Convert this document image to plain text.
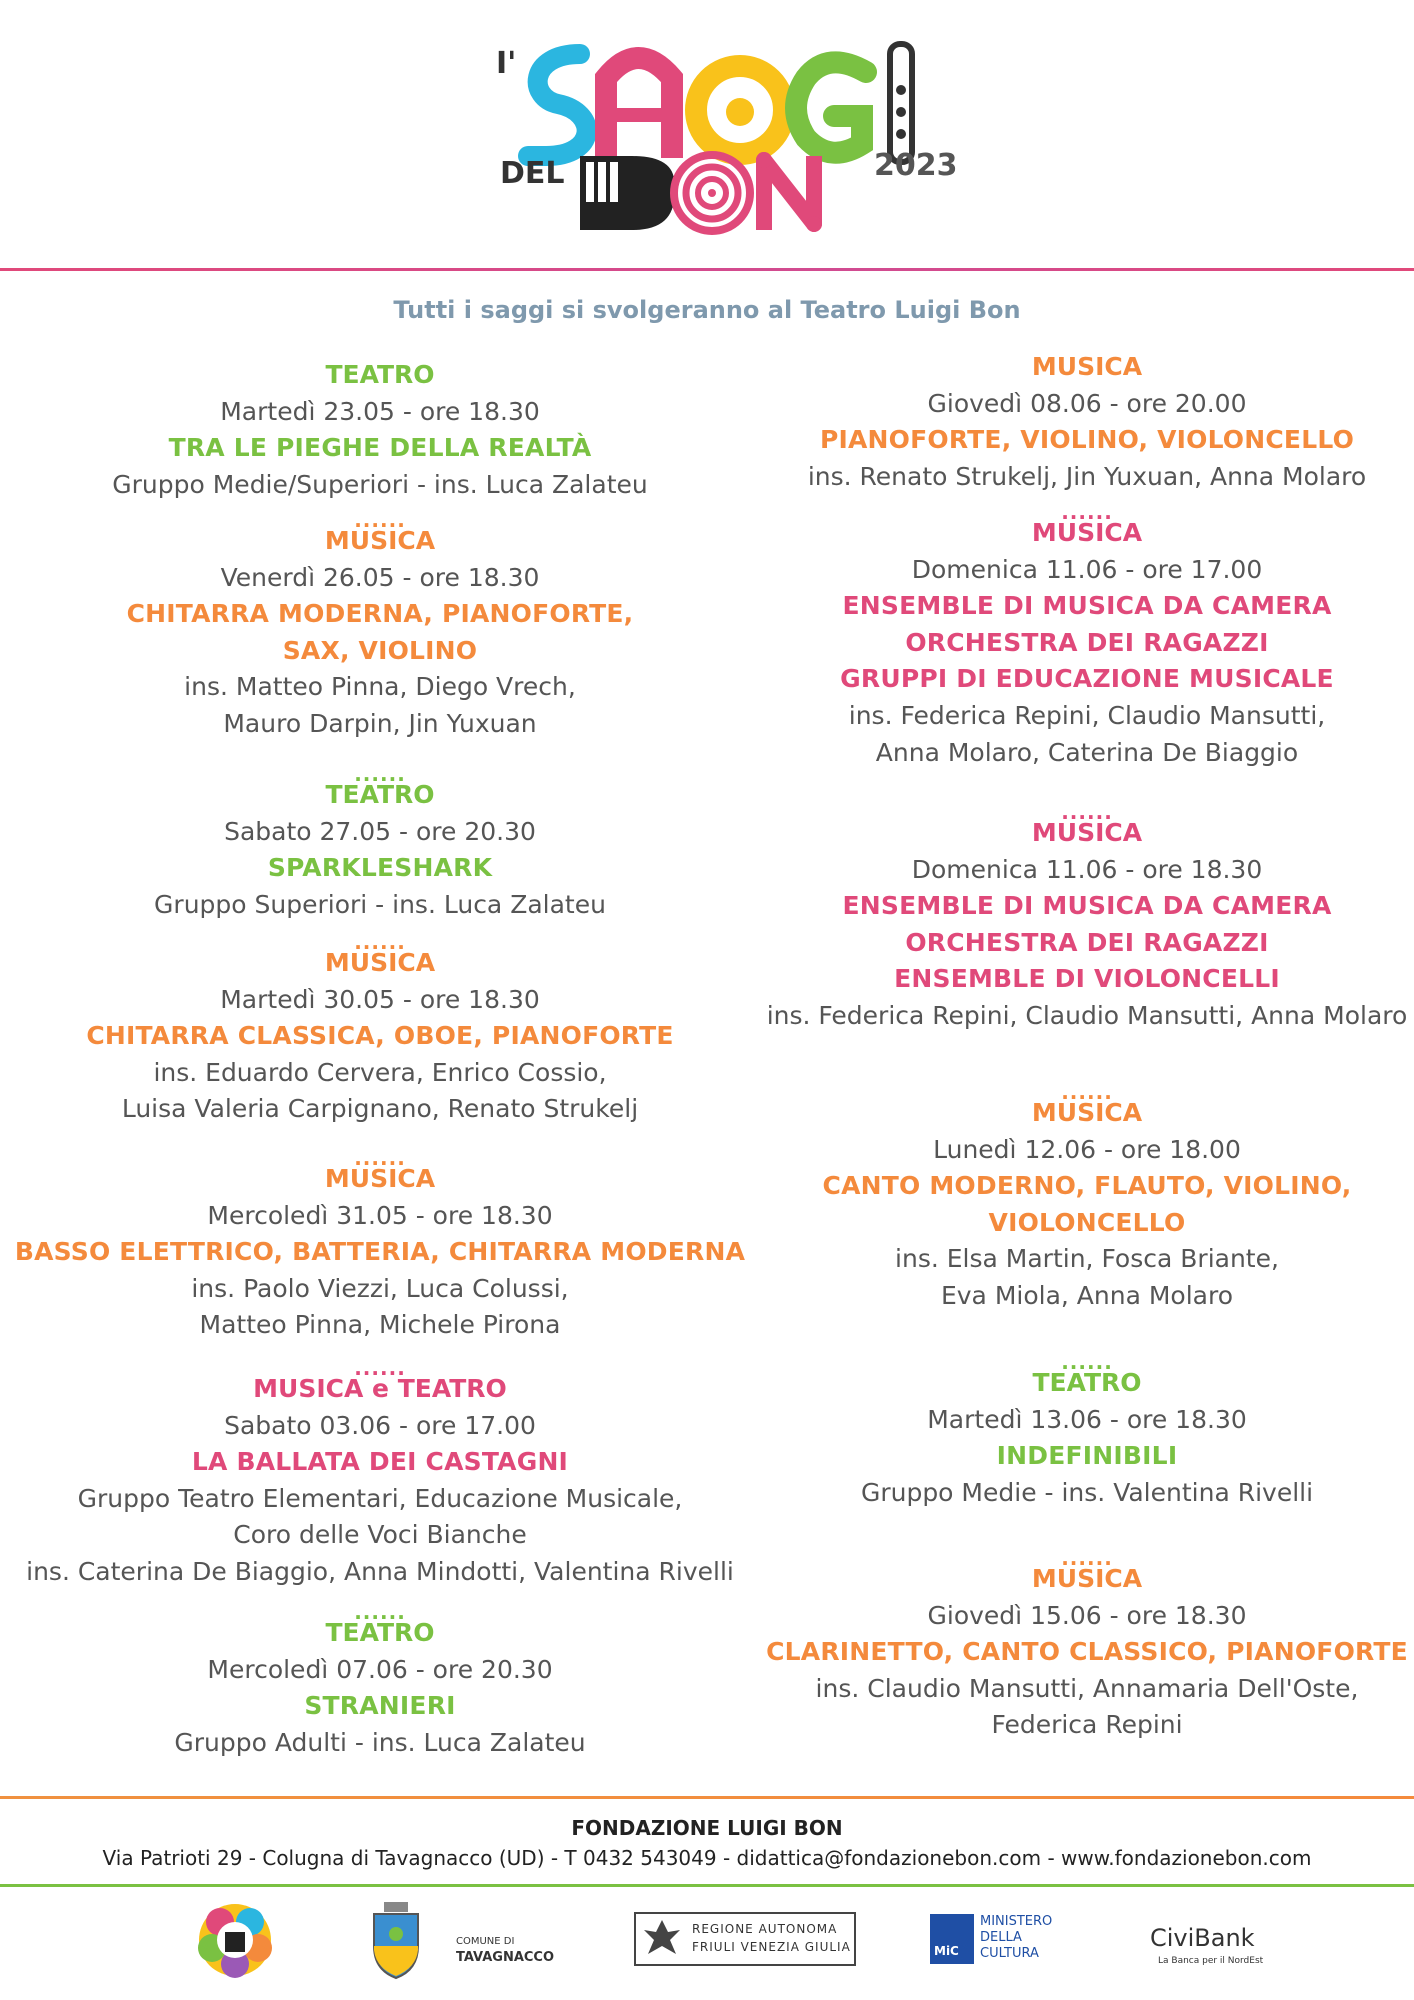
I'
DEL	2023
Tutti i saggi si svolgeranno al Teatro Luigi Bon
TEATRO
Martedì 23.05 - ore 18.30
TRA LE PIEGHE DELLA REALTÀ
Gruppo Medie/Superiori - ins. Luca Zalateu
......
MUSICA
Venerdì 26.05 - ore 18.30
CHITARRA MODERNA, PIANOFORTE,
SAX, VIOLINO
ins. Matteo Pinna, Diego Vrech,
Mauro Darpin, Jin Yuxuan
......
TEATRO
Sabato 27.05 - ore 20.30
SPARKLESHARK
Gruppo Superiori - ins. Luca Zalateu
......
MUSICA
Martedì 30.05 - ore 18.30
CHITARRA CLASSICA, OBOE, PIANOFORTE
ins. Eduardo Cervera, Enrico Cossio,
Luisa Valeria Carpignano, Renato Strukelj
......
MUSICA
Mercoledì 31.05 - ore 18.30
BASSO ELETTRICO, BATTERIA, CHITARRA MODERNA
ins. Paolo Viezzi, Luca Colussi,
Matteo Pinna, Michele Pirona
......
MUSICA e TEATRO
Sabato 03.06 - ore 17.00
LA BALLATA DEI CASTAGNI
Gruppo Teatro Elementari, Educazione Musicale,
Coro delle Voci Bianche
ins. Caterina De Biaggio, Anna Mindotti, Valentina Rivelli
......
TEATRO
Mercoledì 07.06 - ore 20.30
STRANIERI
Gruppo Adulti - ins. Luca Zalateu
MUSICA
Giovedì 08.06 - ore 20.00
PIANOFORTE, VIOLINO, VIOLONCELLO
ins. Renato Strukelj, Jin Yuxuan, Anna Molaro
......
MUSICA
Domenica 11.06 - ore 17.00
ENSEMBLE DI MUSICA DA CAMERA
ORCHESTRA DEI RAGAZZI
GRUPPI DI EDUCAZIONE MUSICALE
ins. Federica Repini, Claudio Mansutti,
Anna Molaro, Caterina De Biaggio
......
MUSICA
Domenica 11.06 - ore 18.30
ENSEMBLE DI MUSICA DA CAMERA
ORCHESTRA DEI RAGAZZI
ENSEMBLE DI VIOLONCELLI
ins. Federica Repini, Claudio Mansutti, Anna Molaro
......
MUSICA
Lunedì 12.06 - ore 18.00
CANTO MODERNO, FLAUTO, VIOLINO,
VIOLONCELLO
ins. Elsa Martin, Fosca Briante,
Eva Miola, Anna Molaro
......
TEATRO
Martedì 13.06 - ore 18.30
INDEFINIBILI
Gruppo Medie - ins. Valentina Rivelli
......
MUSICA
Giovedì 15.06 - ore 18.30
CLARINETTO, CANTO CLASSICO, PIANOFORTE
ins. Claudio Mansutti, Annamaria Dell'Oste,
Federica Repini
FONDAZIONE LUIGI BON
Via Patrioti 29 - Colugna di Tavagnacco (UD) - T 0432 543049 - didattica@fondazionebon.com - www.fondazionebon.com
COMUNE DI
TAVAGNACCO
REGIONE AUTONOMA
FRIULI VENEZIA GIULIA	MiC
MINISTERO
DELLA
CULTURA
CiviBank
La Banca per il NordEst
